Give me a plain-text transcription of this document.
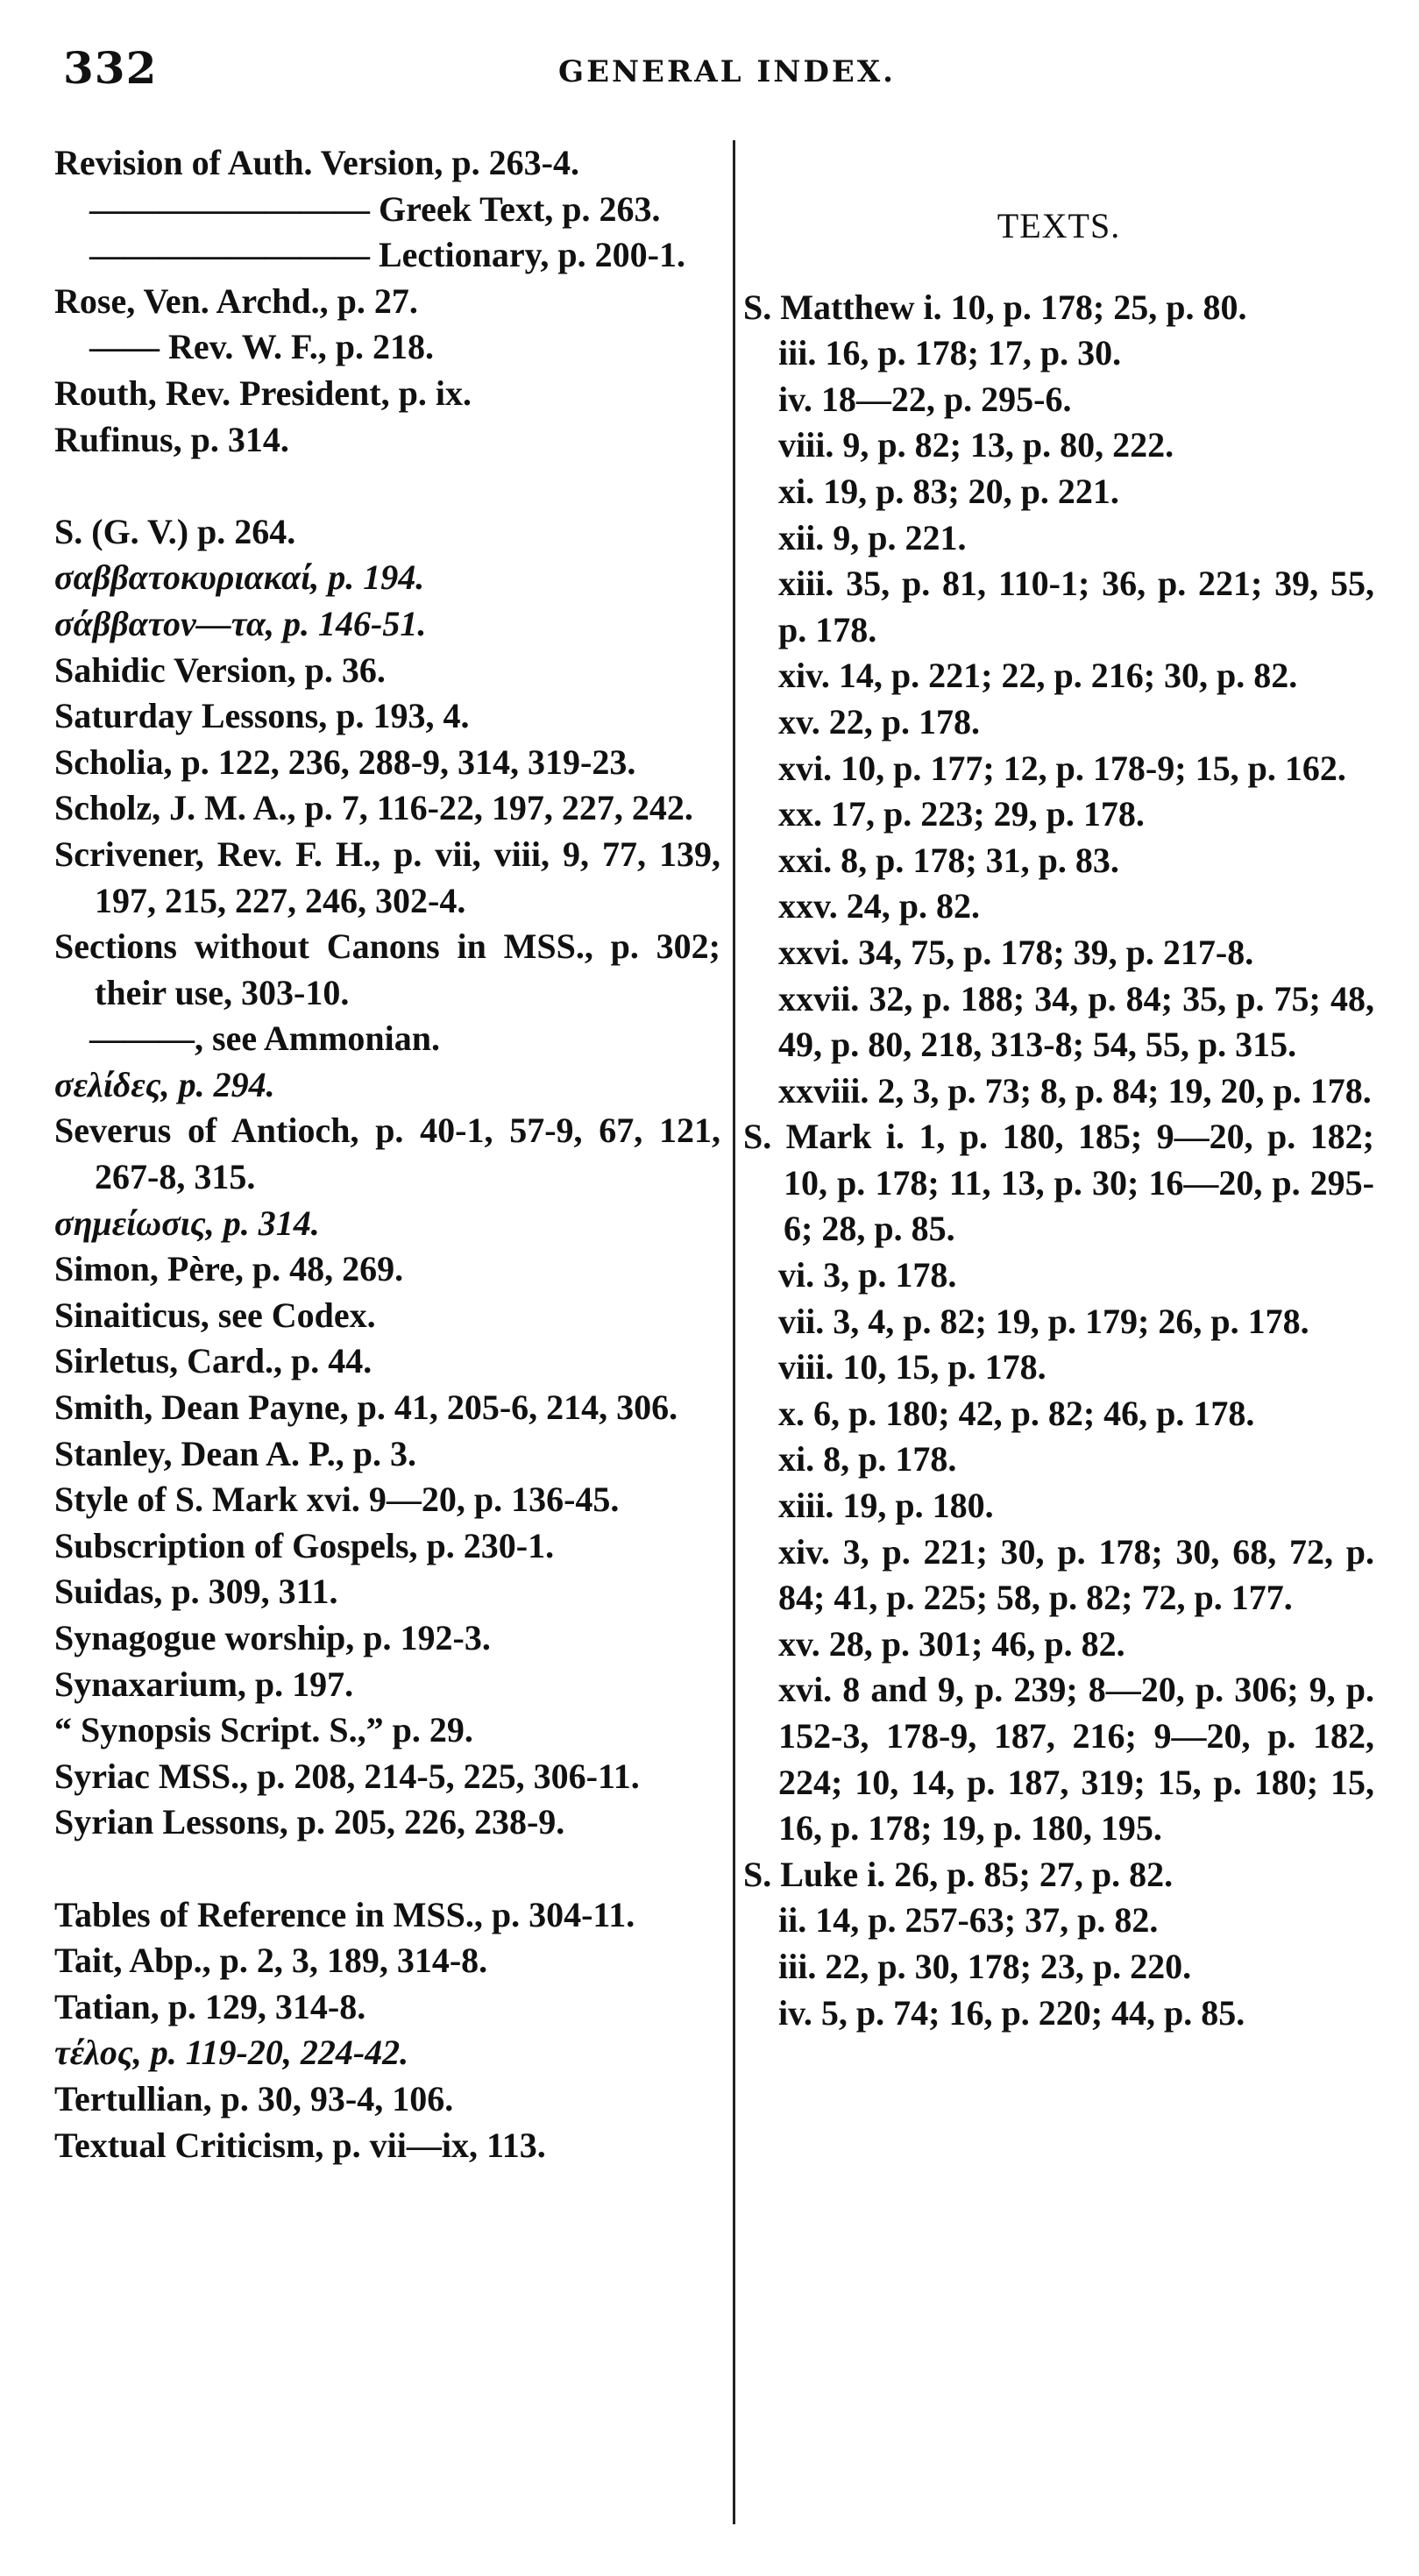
332	GENERAL INDEX.
Revision of Auth. Version, p. 263-4.
———————— Greek Text, p. 263.
———————— Lectionary, p. 200-1.
Rose, Ven. Archd., p. 27.
—— Rev. W. F., p. 218.
Routh, Rev. President, p. ix.
Rufinus, p. 314.
S. (G. V.) p. 264.
σαββατοκυριακαί, p. 194.
σάββατον—τα, p. 146-51.
Sahidic Version, p. 36.
Saturday Lessons, p. 193, 4.
Scholia, p. 122, 236, 288-9, 314, 319-23.
Scholz, J. M. A., p. 7, 116-22, 197, 227, 242.
Scrivener, Rev. F. H., p. vii, viii, 9, 77, 139, 197, 215, 227, 246, 302-4.
Sections without Canons in MSS., p. 302; their use, 303-10.
———, see Ammonian.
σελίδες, p. 294.
Severus of Antioch, p. 40-1, 57-9, 67, 121, 267-8, 315.
σημείωσις, p. 314.
Simon, Père, p. 48, 269.
Sinaiticus, see Codex.
Sirletus, Card., p. 44.
Smith, Dean Payne, p. 41, 205-6, 214, 306.
Stanley, Dean A. P., p. 3.
Style of S. Mark xvi. 9—20, p. 136-45.
Subscription of Gospels, p. 230-1.
Suidas, p. 309, 311.
Synagogue worship, p. 192-3.
Synaxarium, p. 197.
“ Synopsis Script. S.,” p. 29.
Syriac MSS., p. 208, 214-5, 225, 306-11.
Syrian Lessons, p. 205, 226, 238-9.
Tables of Reference in MSS., p. 304-11.
Tait, Abp., p. 2, 3, 189, 314-8.
Tatian, p. 129, 314-8.
τέλος, p. 119-20, 224-42.
Tertullian, p. 30, 93-4, 106.
Textual Criticism, p. vii—ix, 113.
TEXTS.
S. Matthew i. 10, p. 178; 25, p. 80.
iii. 16, p. 178; 17, p. 30.
iv. 18—22, p. 295-6.
viii. 9, p. 82; 13, p. 80, 222.
xi. 19, p. 83; 20, p. 221.
xii. 9, p. 221.
xiii. 35, p. 81, 110-1; 36, p. 221; 39, 55, p. 178.
xiv. 14, p. 221; 22, p. 216; 30, p. 82.
xv. 22, p. 178.
xvi. 10, p. 177; 12, p. 178-9; 15, p. 162.
xx. 17, p. 223; 29, p. 178.
xxi. 8, p. 178; 31, p. 83.
xxv. 24, p. 82.
xxvi. 34, 75, p. 178; 39, p. 217-8.
xxvii. 32, p. 188; 34, p. 84; 35, p. 75; 48, 49, p. 80, 218, 313-8; 54, 55, p. 315.
xxviii. 2, 3, p. 73; 8, p. 84; 19, 20, p. 178.
S. Mark i. 1, p. 180, 185; 9—20, p. 182; 10, p. 178; 11, 13, p. 30; 16—20, p. 295-6; 28, p. 85.
vi. 3, p. 178.
vii. 3, 4, p. 82; 19, p. 179; 26, p. 178.
viii. 10, 15, p. 178.
x. 6, p. 180; 42, p. 82; 46, p. 178.
xi. 8, p. 178.
xiii. 19, p. 180.
xiv. 3, p. 221; 30, p. 178; 30, 68, 72, p. 84; 41, p. 225; 58, p. 82; 72, p. 177.
xv. 28, p. 301; 46, p. 82.
xvi. 8 and 9, p. 239; 8—20, p. 306; 9, p. 152-3, 178-9, 187, 216; 9—20, p. 182, 224; 10, 14, p. 187, 319; 15, p. 180; 15, 16, p. 178; 19, p. 180, 195.
S. Luke i. 26, p. 85; 27, p. 82.
ii. 14, p. 257-63; 37, p. 82.
iii. 22, p. 30, 178; 23, p. 220.
iv. 5, p. 74; 16, p. 220; 44, p. 85.
